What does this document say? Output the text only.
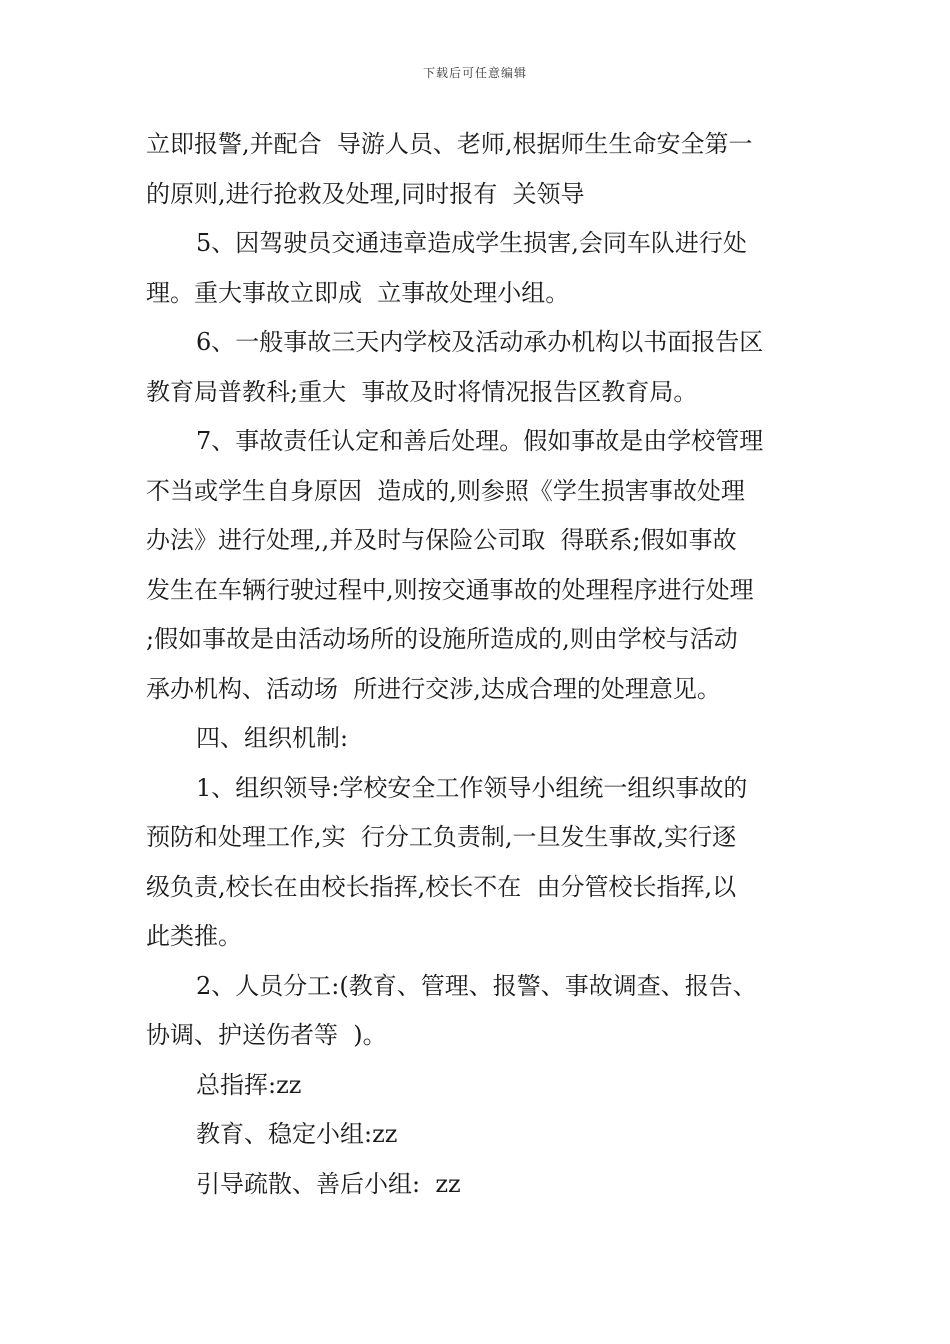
下载后可任意编辑
立即报警,并配合  导游人员、老师,根据师生生命安全第一
的原则,进行抢救及处理,同时报有  关领导
5、因驾驶员交通违章造成学生损害,会同车队进行处
理。重大事故立即成  立事故处理小组。
6、一般事故三天内学校及活动承办机构以书面报告区
教育局普教科;重大  事故及时将情况报告区教育局。
7、事故责任认定和善后处理。假如事故是由学校管理
不当或学生自身原因  造成的,则参照《学生损害事故处理
办法》进行处理,,并及时与保险公司取  得联系;假如事故
发生在车辆行驶过程中,则按交通事故的处理程序进行处理
;假如事故是由活动场所的设施所造成的,则由学校与活动
承办机构、活动场  所进行交涉,达成合理的处理意见。
四、组织机制:
1、组织领导:学校安全工作领导小组统一组织事故的
预防和处理工作,实  行分工负责制,一旦发生事故,实行逐
级负责,校长在由校长指挥,校长不在  由分管校长指挥,以
此类推。
2、人员分工:(教育、管理、报警、事故调查、报告、
协调、护送伤者等  )。
总指挥:zz
教育、稳定小组:zz
引导疏散、善后小组:  zz
